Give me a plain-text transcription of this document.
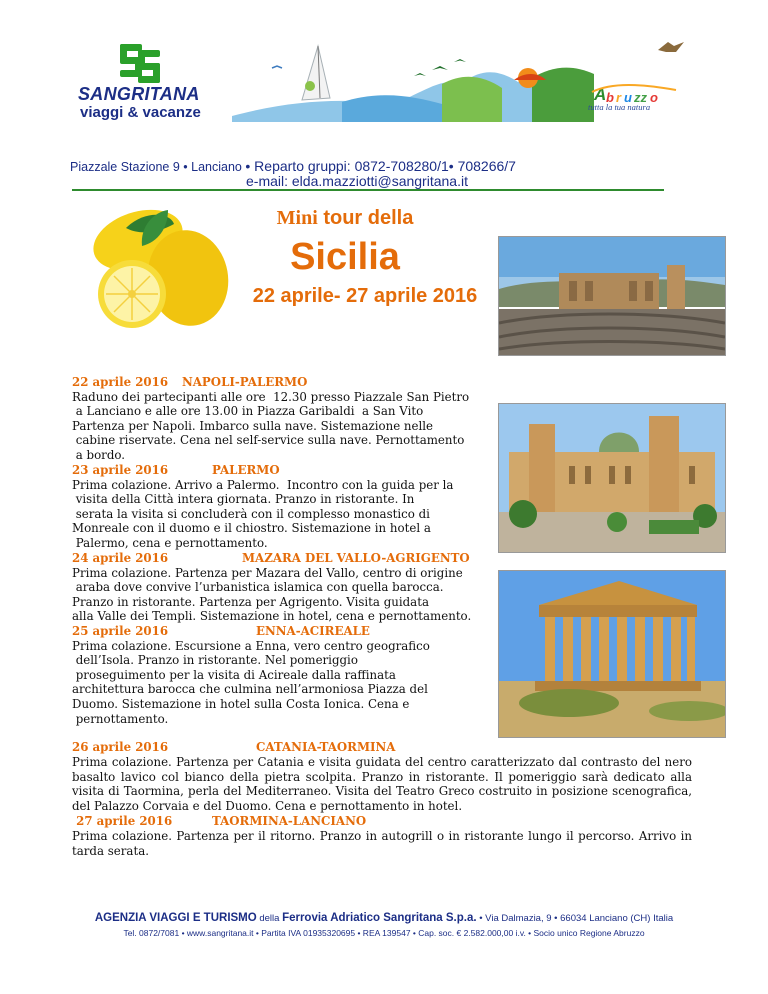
SANGRITANA
viaggi & vacanze
A b r u zz o
tutta la tua natura
Piazzale Stazione 9 • Lanciano • Reparto gruppi: 0872-708280/1• 708266/7
e-mail: elda.mazziotti@sangritana.it
Mini tour della
Sicilia
22 aprile- 27 aprile 2016
22 aprile 2016 NAPOLI-PALERMO
Raduno dei partecipanti alle ore  12.30 presso Piazzale San Pietro
a Lanciano e alle ore 13.00 in Piazza Garibaldi  a San Vito
Partenza per Napoli. Imbarco sulla nave. Sistemazione nelle
cabine riservate. Cena nel self-service sulla nave. Pernottamento
a bordo.
23 aprile 2016	PALERMO
Prima colazione. Arrivo a Palermo.  Incontro con la guida per la
visita della Città intera giornata. Pranzo in ristorante. In
serata la visita si concluderà con il complesso monastico di
Monreale con il duomo e il chiostro. Sistemazione in hotel a
Palermo, cena e pernottamento.
24 aprile 2016	MAZARA DEL VALLO-AGRIGENTO
Prima colazione. Partenza per Mazara del Vallo, centro di origine
araba dove convive l’urbanistica islamica con quella barocca.
Pranzo in ristorante. Partenza per Agrigento. Visita guidata
alla Valle dei Templi. Sistemazione in hotel, cena e pernottamento.
25 aprile 2016	ENNA-ACIREALE
Prima colazione. Escursione a Enna, vero centro geografico
dell’Isola. Pranzo in ristorante. Nel pomeriggio
proseguimento per la visita di Acireale dalla raffinata
architettura barocca che culmina nell’armoniosa Piazza del
Duomo. Sistemazione in hotel sulla Costa Ionica. Cena e
pernottamento.
26 aprile 2016	CATANIA-TAORMINA
Prima colazione. Partenza per Catania e visita guidata del centro caratterizzato dal contrasto del nero basalto lavico col bianco della pietra scolpita. Pranzo in ristorante. Il pomeriggio sarà dedicato alla visita di Taormina, perla del Mediterraneo. Visita del Teatro Greco costruito in posizione scenografica, del Palazzo Corvaia e del Duomo. Cena e pernottamento in hotel.
27 aprile 2016	TAORMINA-LANCIANO
Prima colazione. Partenza per il ritorno. Pranzo in autogrill o in ristorante lungo il percorso. Arrivo in tarda serata.
AGENZIA VIAGGI E TURISMO della Ferrovia Adriatico Sangritana S.p.a. • Via Dalmazia, 9 • 66034 Lanciano (CH) Italia
Tel. 0872/7081 • www.sangritana.it • Partita IVA 01935320695 • REA 139547 • Cap. soc. € 2.582.000,00 i.v. • Socio unico Regione Abruzzo
